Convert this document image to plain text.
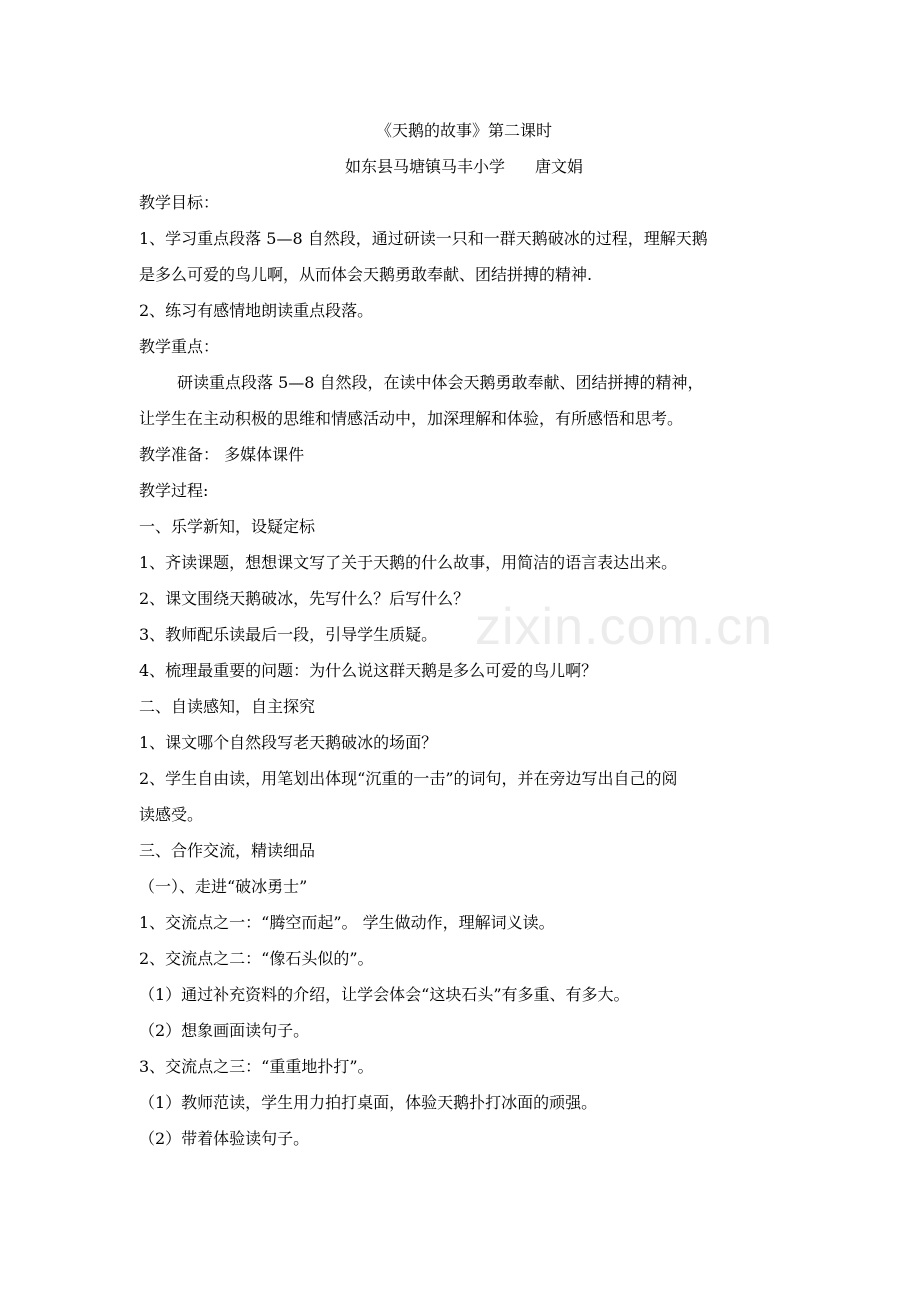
zixin.com.cn
《天鹅的故事》第二课时
如东县马塘镇马丰小学 唐文娟
教学目标：
1、学习重点段落 5—8 自然段，通过研读一只和一群天鹅破冰的过程，理解天鹅
是多么可爱的鸟儿啊，从而体会天鹅勇敢奉献、团结拼搏的精神.
2、练习有感情地朗读重点段落。
教学重点：
研读重点段落 5—8 自然段，在读中体会天鹅勇敢奉献、团结拼搏的精神，
让学生在主动积极的思维和情感活动中，加深理解和体验，有所感悟和思考。
教学准备： 多媒体课件
教学过程:
一、乐学新知，设疑定标
1、齐读课题，想想课文写了关于天鹅的什么故事，用简洁的语言表达出来。
2、课文围绕天鹅破冰，先写什么？后写什么？
3、教师配乐读最后一段，引导学生质疑。
4、梳理最重要的问题：为什么说这群天鹅是多么可爱的鸟儿啊？
二、自读感知，自主探究
1、课文哪个自然段写老天鹅破冰的场面？
2、学生自由读，用笔划出体现“沉重的一击”的词句，并在旁边写出自己的阅
读感受。
三、合作交流，精读细品
（一）、走进“破冰勇士”
1、交流点之一：“腾空而起”。 学生做动作，理解词义读。
2、交流点之二：“像石头似的”。
（1）通过补充资料的介绍，让学会体会“这块石头”有多重、有多大。
（2）想象画面读句子。
3、交流点之三：“重重地扑打”。
（1）教师范读，学生用力拍打桌面，体验天鹅扑打冰面的顽强。
（2）带着体验读句子。
